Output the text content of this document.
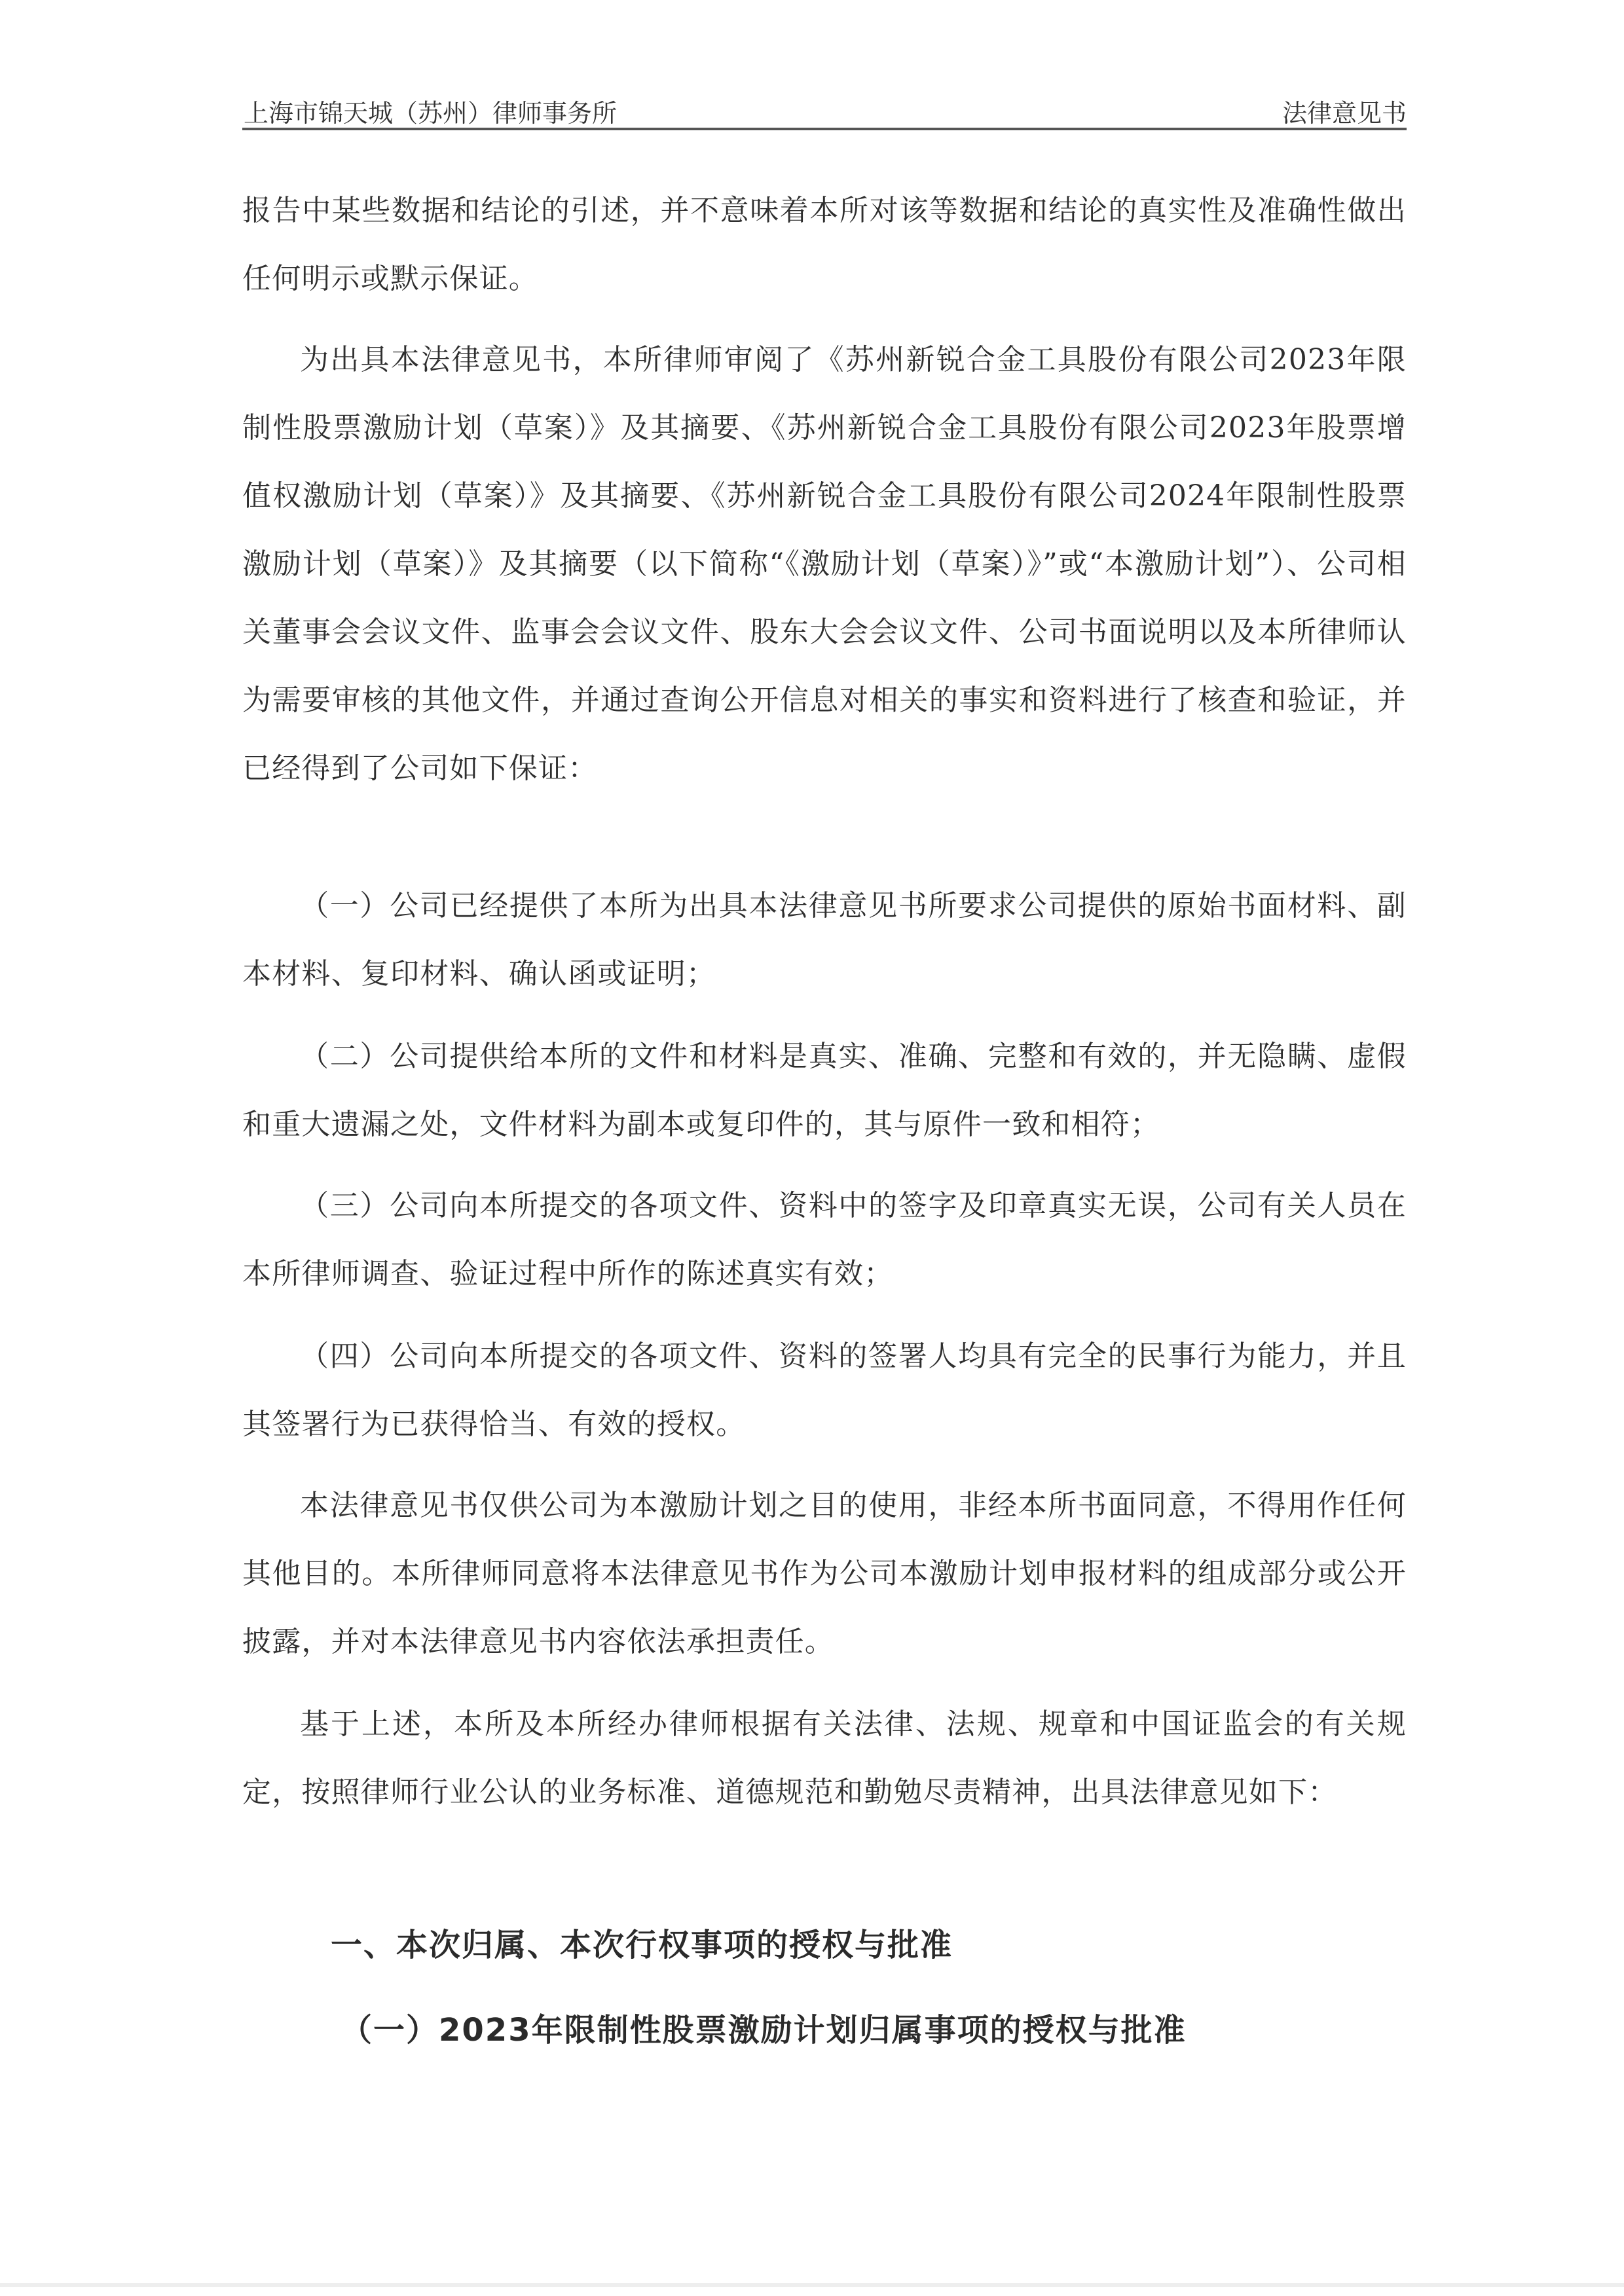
上海市锦天城（苏州）律师事务所	法律意见书

报告中某些数据和结论的引述，并不意味着本所对该等数据和结论的真实性及准确性做出任何明示或默示保证。

为出具本法律意见书，本所律师审阅了《苏州新锐合金工具股份有限公司2023年限制性股票激励计划（草案）》及其摘要、《苏州新锐合金工具股份有限公司2023年股票增值权激励计划（草案）》及其摘要、《苏州新锐合金工具股份有限公司2024年限制性股票激励计划（草案）》及其摘要（以下简称“《激励计划（草案）》”或“本激励计划”）、公司相关董事会会议文件、监事会会议文件、股东大会会议文件、公司书面说明以及本所律师认为需要审核的其他文件，并通过查询公开信息对相关的事实和资料进行了核查和验证，并已经得到了公司如下保证：

（一）公司已经提供了本所为出具本法律意见书所要求公司提供的原始书面材料、副本材料、复印材料、确认函或证明；

（二）公司提供给本所的文件和材料是真实、准确、完整和有效的，并无隐瞒、虚假和重大遗漏之处，文件材料为副本或复印件的，其与原件一致和相符；

（三）公司向本所提交的各项文件、资料中的签字及印章真实无误，公司有关人员在本所律师调查、验证过程中所作的陈述真实有效；

（四）公司向本所提交的各项文件、资料的签署人均具有完全的民事行为能力，并且其签署行为已获得恰当、有效的授权。

本法律意见书仅供公司为本激励计划之目的使用，非经本所书面同意，不得用作任何其他目的。本所律师同意将本法律意见书作为公司本激励计划申报材料的组成部分或公开披露，并对本法律意见书内容依法承担责任。

基于上述，本所及本所经办律师根据有关法律、法规、规章和中国证监会的有关规定，按照律师行业公认的业务标准、道德规范和勤勉尽责精神，出具法律意见如下：

一、本次归属、本次行权事项的授权与批准
（一）2023年限制性股票激励计划归属事项的授权与批准
